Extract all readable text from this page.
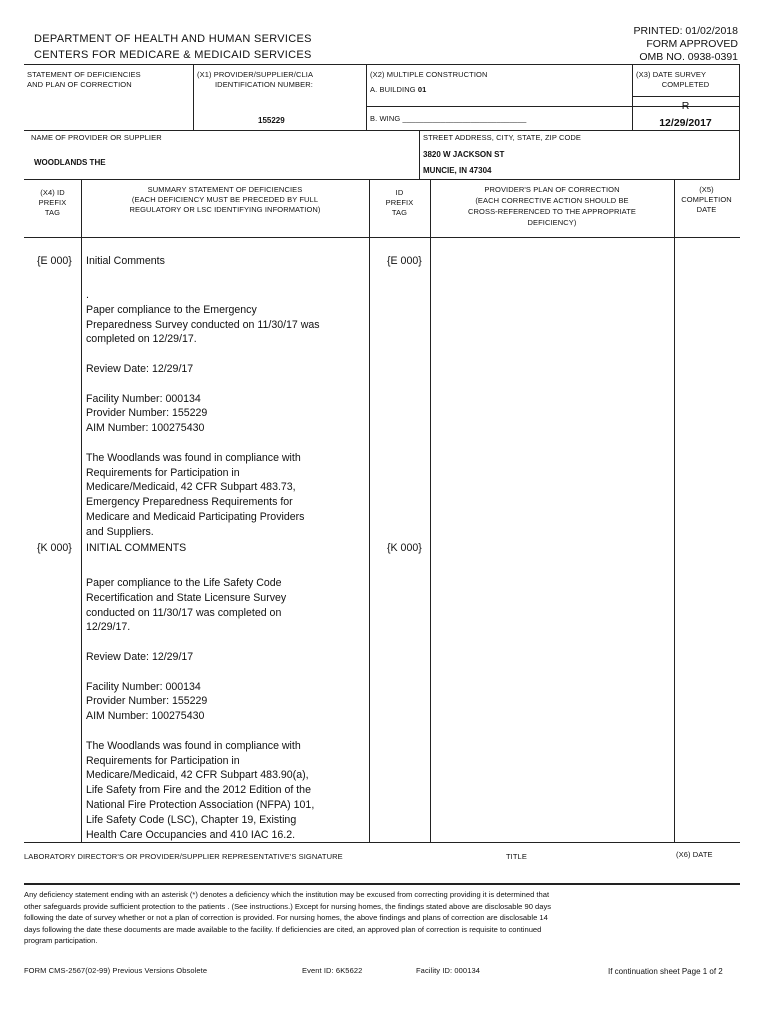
DEPARTMENT OF HEALTH AND HUMAN SERVICES
CENTERS FOR MEDICARE & MEDICAID SERVICES
PRINTED: 01/02/2018
FORM APPROVED
OMB NO. 0938-0391
STATEMENT OF DEFICIENCIES
AND PLAN OF CORRECTION
(X1) PROVIDER/SUPPLIER/CLIA
IDENTIFICATION NUMBER:
155229
(X2) MULTIPLE CONSTRUCTION
A. BUILDING 01
B. WING _____________________________
(X3) DATE SURVEY
COMPLETED
R
12/29/2017
NAME OF PROVIDER OR SUPPLIER
WOODLANDS THE
STREET ADDRESS, CITY, STATE, ZIP CODE
3820 W JACKSON ST
MUNCIE, IN 47304
(X4) ID
PREFIX
TAG
SUMMARY STATEMENT OF DEFICIENCIES
(EACH DEFICIENCY MUST BE PRECEDED BY FULL
REGULATORY OR LSC IDENTIFYING INFORMATION)
ID
PREFIX
TAG
PROVIDER'S PLAN OF CORRECTION
(EACH CORRECTIVE ACTION SHOULD BE
CROSS-REFERENCED TO THE APPROPRIATE
DEFICIENCY)
(X5)
COMPLETION
DATE
{E 000} Initial Comments	{E 000}
.
Paper compliance to the Emergency
Preparedness Survey conducted on 11/30/17 was
completed on 12/29/17.
Review Date: 12/29/17
Facility Number: 000134
Provider Number: 155229
AIM Number: 100275430
The Woodlands was found in compliance with
Requirements for Participation in
Medicare/Medicaid, 42 CFR Subpart 483.73,
Emergency Preparedness Requirements for
Medicare and Medicaid Participating Providers
and Suppliers.
{K 000} INITIAL COMMENTS	{K 000}
Paper compliance to the Life Safety Code
Recertification and State Licensure Survey
conducted on 11/30/17 was completed on
12/29/17.
Review Date: 12/29/17
Facility Number: 000134
Provider Number: 155229
AIM Number: 100275430
The Woodlands was found in compliance with
Requirements for Participation in
Medicare/Medicaid, 42 CFR Subpart 483.90(a),
Life Safety from Fire and the 2012 Edition of the
National Fire Protection Association (NFPA) 101,
Life Safety Code (LSC), Chapter 19, Existing
Health Care Occupancies and 410 IAC 16.2.
LABORATORY DIRECTOR'S OR PROVIDER/SUPPLIER REPRESENTATIVE'S SIGNATURE	TITLE	(X6) DATE
Any deficiency statement ending with an asterisk (*) denotes a deficiency which the institution may be excused from correcting providing it is determined that
other safeguards provide sufficient protection to the patients . (See instructions.) Except for nursing homes, the findings stated above are disclosable 90 days
following the date of survey whether or not a plan of correction is provided. For nursing homes, the above findings and plans of correction are disclosable 14
days following the date these documents are made available to the facility. If deficiencies are cited, an approved plan of correction is requisite to continued
program participation.
FORM CMS-2567(02-99) Previous Versions Obsolete	Event ID: 6K5622	Facility ID: 000134	If continuation sheet Page 1 of 2
